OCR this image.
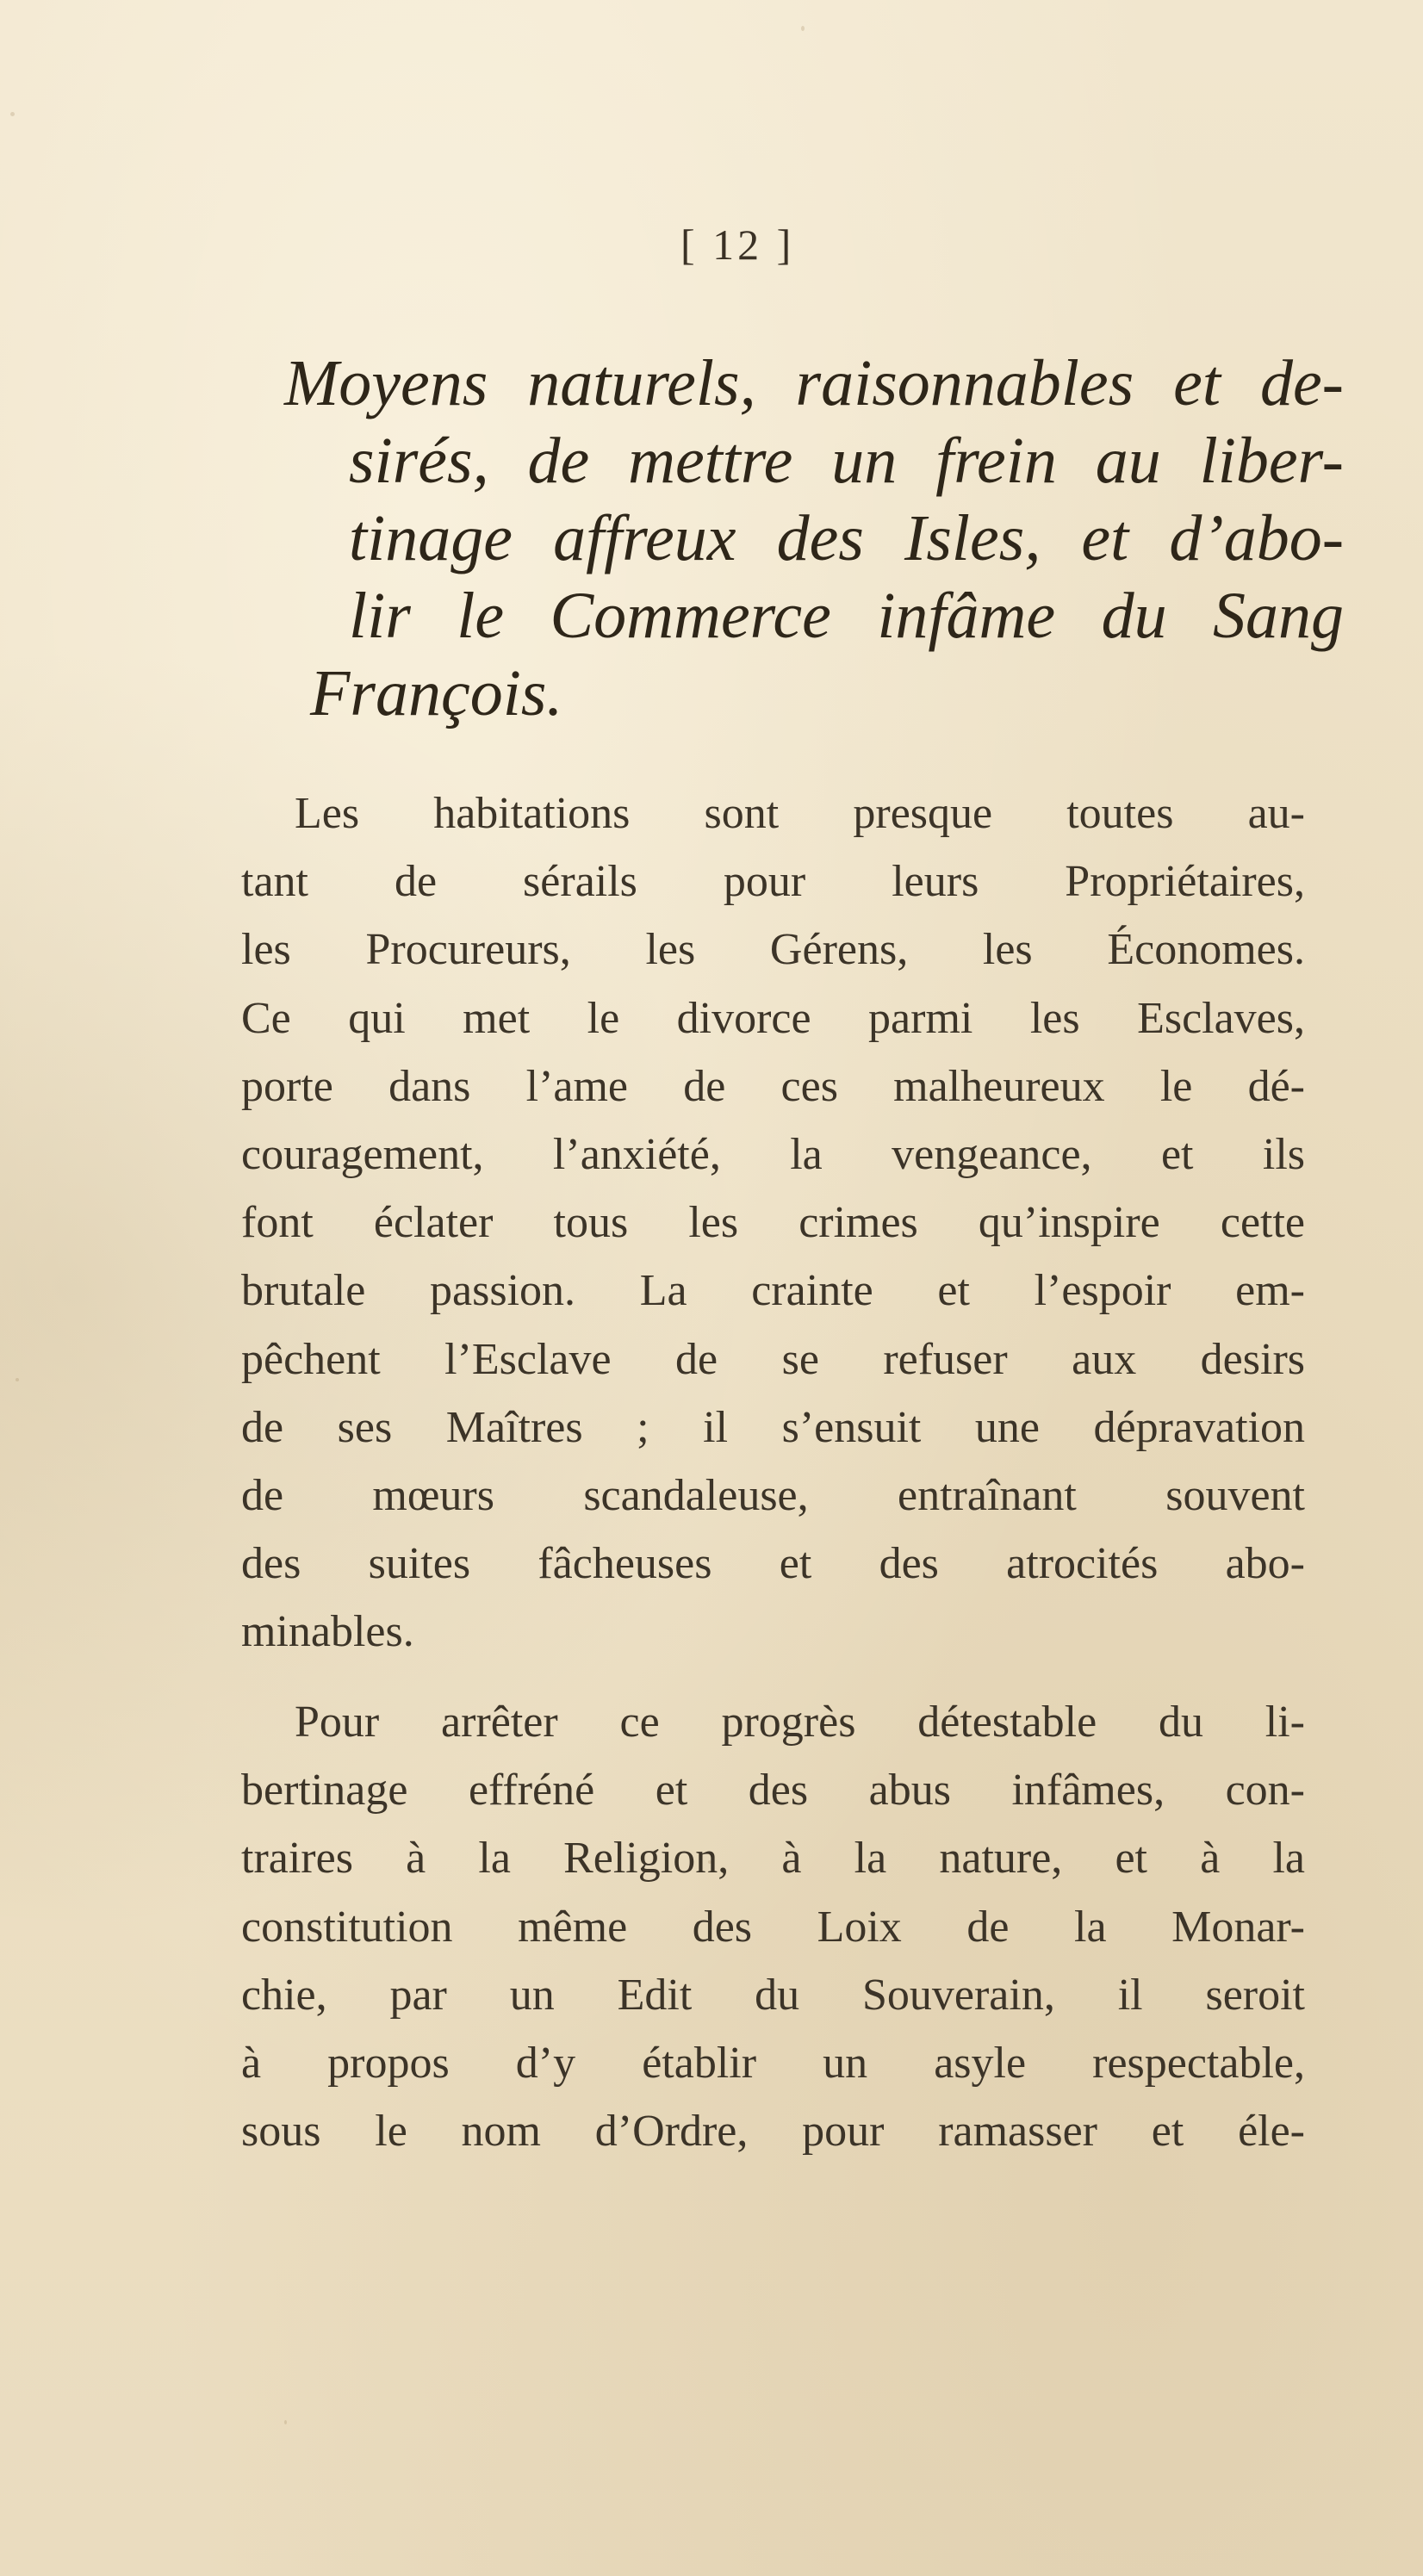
[ 12 ]
Moyens naturels, raisonnables et de-
sirés, de mettre un frein au liber-
tinage affreux des Isles, et d’abo-
lir le Commerce infâme du Sang
François.
Les habitations sont presque toutes au-
tant de sérails pour leurs Propriétaires,
les Procureurs, les Gérens, les Économes.
Ce qui met le divorce parmi les Esclaves,
porte dans l’ame de ces malheureux le dé-
couragement, l’anxiété, la vengeance, et ils
font éclater tous les crimes qu’inspire cette
brutale passion. La crainte et l’espoir em-
pêchent l’Esclave de se refuser aux desirs
de ses Maîtres ; il s’ensuit une dépravation
de mœurs scandaleuse, entraînant souvent
des suites fâcheuses et des atrocités abo-
minables.
Pour arrêter ce progrès détestable du li-
bertinage effréné et des abus infâmes, con-
traires à la Religion, à la nature, et à la
constitution même des Loix de la Monar-
chie, par un Edit du Souverain, il seroit
à propos d’y établir un asyle respectable,
sous le nom d’Ordre, pour ramasser et éle-
